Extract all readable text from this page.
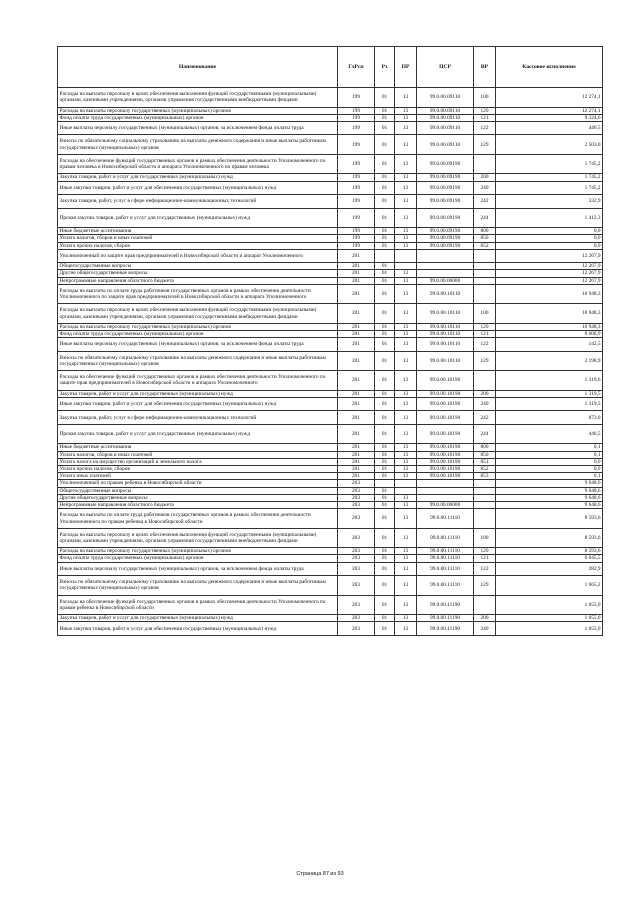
Наименование	ГлРсп	Рз	ПР	ЦСР	ВР	Кассовое исполнение
Расходы на выплаты персоналу в целях обеспечения выполнения функций государственными (муниципальными) органами, казенными учреждениями, органами управления государственными внебюджетными фондами	199	01	13	99.0.00.09110	100	12 274,1
Расходы на выплаты персоналу государственных (муниципальных) органов	199	01	13	99.0.00.09110	120	12 274,1
Фонд оплаты труда государственных (муниципальных) органов	199	01	13	99.0.00.09110	121	9 324,6
Иные выплаты персоналу государственных (муниципальных) органов, за исключением фонда оплаты труда	199	01	13	99.0.00.09110	122	446,5
Взносы по обязательному социальному страхованию на выплаты денежного содержания и иные выплаты работникам государственных (муниципальных) органов	199	01	13	99.0.00.09110	129	2 503,0
Расходы на обеспечение функций государственных органов в рамках обеспечения деятельности Уполномоченного по правам человека в Новосибирской области и аппарата Уполномоченного по правам человека	199	01	13	99.0.00.09190		1 745,2
Закупка товаров, работ и услуг для государственных (муниципальных) нужд	199	01	13	99.0.00.09190	200	1 745,2
Иные закупки товаров, работ и услуг для обеспечения государственных (муниципальных) нужд	199	01	13	99.0.00.09190	240	1 745,2
Закупка товаров, работ, услуг в сфере информационно-коммуникационных технологий	199	01	13	99.0.00.09190	242	332,9
Прочая закупка товаров, работ и услуг для государственных (муниципальных) нужд	199	01	13	99.0.00.09190	244	1 412,3
Иные бюджетные ассигнования	199	01	13	99.0.00.09190	800	0,0
Уплата налогов, сборов и иных платежей	199	01	13	99.0.00.09190	850	0,0
Уплата прочих налогов, сборов	199	01	13	99.0.00.09190	852	0,0
Уполномоченный по защите прав предпринимателей в Новосибирской области и аппарат Уполномоченного	201					12 267,9
Общегосударственные вопросы	201	01				12 267,9
Другие общегосударственные вопросы	201	01	13			12 267,9
Непрограммные направления областного бюджета	201	01	13	99.0.00.00000		12 267,9
Расходы на выплаты по оплате труда работников государственных органов в рамках обеспечения деятельности Уполномоченного по защите прав предпринимателей в Новосибирской области и аппарата Уполномоченного	201	01	13	99.0.00.10110		10 948,3
Расходы на выплаты персоналу в целях обеспечения выполнения функций государственными (муниципальными) органами, казенными учреждениями, органами управления государственными внебюджетными фондами	201	01	13	99.0.00.10110	100	10 948,3
Расходы на выплаты персоналу государственных (муниципальных) органов	201	01	13	99.0.00.10110	120	10 948,3
Фонд оплаты труда государственных (муниципальных) органов	201	01	13	99.0.00.10110	121	8 606,9
Иные выплаты персоналу государственных (муниципальных) органов, за исключением фонда оплаты труда	201	01	13	99.0.00.10110	122	142,5
Взносы по обязательному социальному страхованию на выплаты денежного содержания и иные выплаты работникам государственных (муниципальных) органов	201	01	13	99.0.00.10110	129	2 198,9
Расходы на обеспечение функций государственных органов в рамках обеспечения деятельности Уполномоченного по защите прав предпринимателей в Новосибирской области и аппарата Уполномоченного	201	01	13	99.0.00.10190		1 319,6
Закупка товаров, работ и услуг для государственных (муниципальных) нужд	201	01	13	99.0.00.10190	200	1 319,5
Иные закупки товаров, работ и услуг для обеспечения государственных (муниципальных) нужд	201	01	13	99.0.00.10190	240	1 319,5
Закупка товаров, работ, услуг в сфере информационно-коммуникационных технологий	201	01	13	99.0.00.10190	242	873,0
Прочая закупка товаров, работ и услуг для государственных (муниципальных) нужд	201	01	13	99.0.00.10190	244	446,5
Иные бюджетные ассигнования	201	01	13	99.0.00.10190	800	0,1
Уплата налогов, сборов и иных платежей	201	01	13	99.0.00.10190	850	0,1
Уплата налога на имущество организаций и земельного налога	201	01	13	99.0.00.10190	851	0,0
Уплата прочих налогов, сборов	201	01	13	99.0.00.10190	852	0,0
Уплата иных платежей	201	01	13	99.0.00.10190	853	0,1
Уполномоченный по правам ребенка в Новосибирской области	203					9 648,6
Общегосударственные вопросы	203	01				9 648,6
Другие общегосударственные вопросы	203	01	13			9 648,6
Непрограммные направления областного бюджета	203	01	13	99.0.00.00000		9 648,6
Расходы на выплаты по оплате труда работников государственных органов в рамках обеспечения деятельности Уполномоченного по правам ребенка в Новосибирской области	203	01	13	99.0.00.11110		8 593,6
Расходы на выплаты персоналу в целях обеспечения выполнения функций государственными (муниципальными) органами, казенными учреждениями, органами управления государственными внебюджетными фондами	203	01	13	99.0.00.11110	100	8 593,6
Расходы на выплаты персоналу государственных (муниципальных) органов	203	01	13	99.0.00.11110	120	8 593,6
Фонд оплаты труда государственных (муниципальных) органов	203	01	13	99.0.00.11110	121	6 645,5
Иные выплаты персоналу государственных (муниципальных) органов, за исключением фонда оплаты труда	203	01	13	99.0.00.11110	122	282,9
Взносы по обязательному социальному страхованию на выплаты денежного содержания и иные выплаты работникам государственных (муниципальных) органов	203	01	13	99.0.00.11110	129	1 665,2
Расходы на обеспечение функций государственных органов в рамках обеспечения деятельности Уполномоченного по правам ребенка в Новосибирской области	203	01	13	99.0.00.11190		1 055,0
Закупка товаров, работ и услуг для государственных (муниципальных) нужд	203	01	13	99.0.00.11190	200	1 055,0
Иные закупки товаров, работ и услуг для обеспечения государственных (муниципальных) нужд	203	01	13	99.0.00.11190	240	1 055,0
Страница 87 из 93
